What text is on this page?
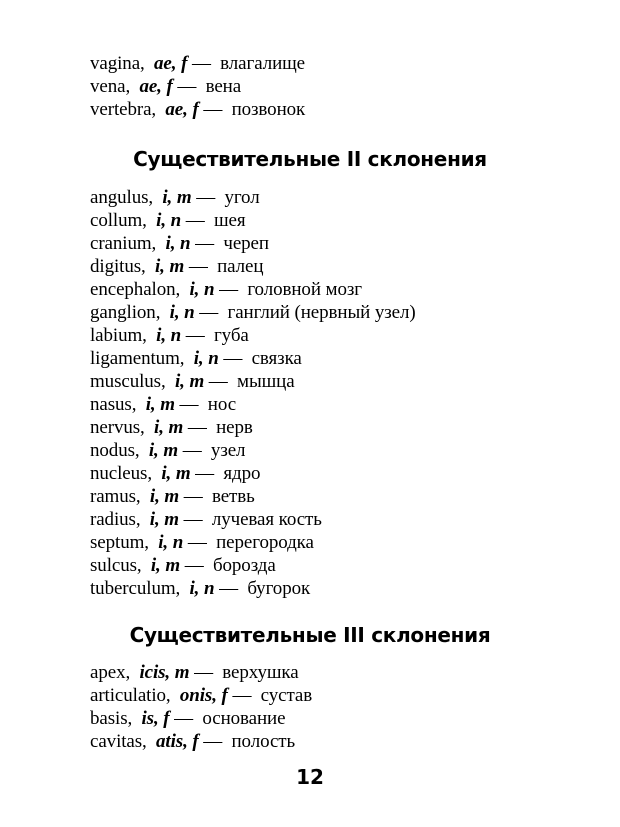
vagina, ae, f — влагалище
vena, ae, f — вена
vertebra, ae, f — позвонок
Существительные II склонения
angulus, i, m — угол
collum, i, n — шея
cranium, i, n — череп
digitus, i, m — палец
encephalon, i, n — головной мозг
ganglion, i, n — ганглий (нервный узел)
labium, i, n — губа
ligamentum, i, n — связка
musculus, i, m — мышца
nasus, i, m — нос
nervus, i, m — нерв
nodus, i, m — узел
nucleus, i, m — ядро
ramus, i, m — ветвь
radius, i, m — лучевая кость
septum, i, n — перегородка
sulcus, i, m — борозда
tuberculum, i, n — бугорок
Существительные III склонения
apex, icis, m — верхушка
articulatio, onis, f — сустав
basis, is, f — основание
cavitas, atis, f — полость
12
